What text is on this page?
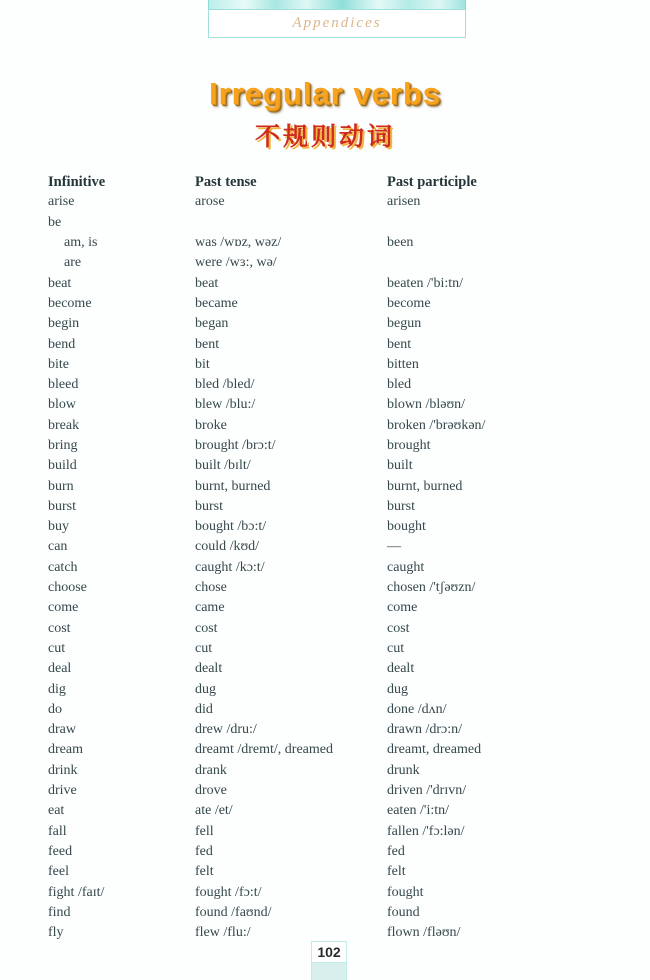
Appendices
Irregular verbs
不规则动词
Infinitive	Past tense	Past participle
arise	arose	arisen
be
am, is	was /wɒz, wəz/	been
are	were /wɜ:, wə/
beat	beat	beaten /'bi:tn/
become	became	become
begin	began	begun
bend	bent	bent
bite	bit	bitten
bleed	bled /bled/	bled
blow	blew /blu:/	blown /bləʊn/
break	broke	broken /'brəʊkən/
bring	brought /brɔ:t/	brought
build	built /bɪlt/	built
burn	burnt, burned	burnt, burned
burst	burst	burst
buy	bought /bɔ:t/	bought
can	could /kʊd/	—
catch	caught /kɔ:t/	caught
choose	chose	chosen /'tʃəʊzn/
come	came	come
cost	cost	cost
cut	cut	cut
deal	dealt	dealt
dig	dug	dug
do	did	done /dʌn/
draw	drew /dru:/	drawn /drɔ:n/
dream	dreamt /dremt/, dreamed	dreamt, dreamed
drink	drank	drunk
drive	drove	driven /'drɪvn/
eat	ate /et/	eaten /'i:tn/
fall	fell	fallen /'fɔ:lən/
feed	fed	fed
feel	felt	felt
fight /faɪt/	fought /fɔ:t/	fought
find	found /faʊnd/	found
fly	flew /flu:/	flown /fləʊn/
102
